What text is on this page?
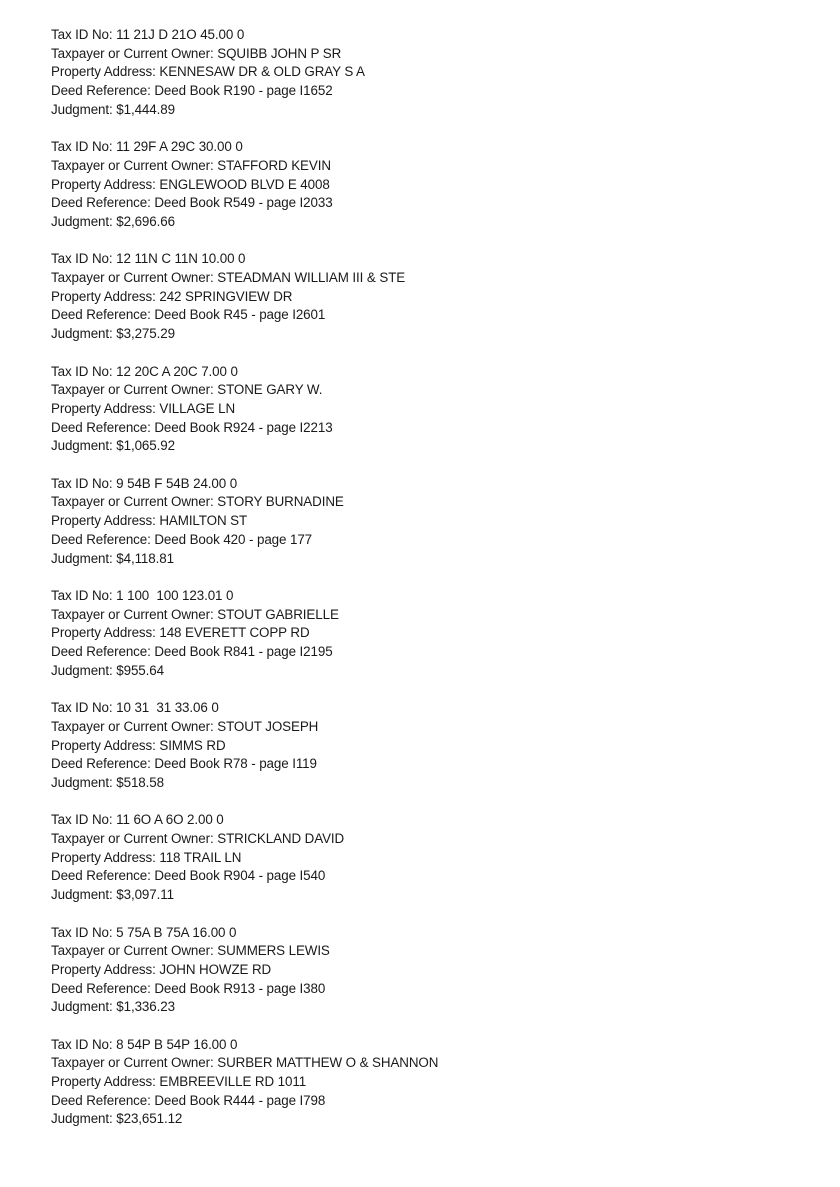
Tax ID No: 11 21J D 21O 45.00 0
Taxpayer or Current Owner: SQUIBB JOHN P SR
Property Address: KENNESAW DR & OLD GRAY S A
Deed Reference: Deed Book R190 - page I1652
Judgment: $1,444.89
Tax ID No: 11 29F A 29C 30.00 0
Taxpayer or Current Owner: STAFFORD KEVIN
Property Address: ENGLEWOOD BLVD E 4008
Deed Reference: Deed Book R549 - page I2033
Judgment: $2,696.66
Tax ID No: 12 11N C 11N 10.00 0
Taxpayer or Current Owner: STEADMAN WILLIAM III & STE
Property Address: 242 SPRINGVIEW DR
Deed Reference: Deed Book R45 - page I2601
Judgment: $3,275.29
Tax ID No: 12 20C A 20C 7.00 0
Taxpayer or Current Owner: STONE GARY W.
Property Address: VILLAGE LN
Deed Reference: Deed Book R924 - page I2213
Judgment: $1,065.92
Tax ID No: 9 54B F 54B 24.00 0
Taxpayer or Current Owner: STORY BURNADINE
Property Address: HAMILTON ST
Deed Reference: Deed Book 420 - page 177
Judgment: $4,118.81
Tax ID No: 1 100  100 123.01 0
Taxpayer or Current Owner: STOUT GABRIELLE
Property Address: 148 EVERETT COPP RD
Deed Reference: Deed Book R841 - page I2195
Judgment: $955.64
Tax ID No: 10 31  31 33.06 0
Taxpayer or Current Owner: STOUT JOSEPH
Property Address: SIMMS RD
Deed Reference: Deed Book R78 - page I119
Judgment: $518.58
Tax ID No: 11 6O A 6O 2.00 0
Taxpayer or Current Owner: STRICKLAND DAVID
Property Address: 118 TRAIL LN
Deed Reference: Deed Book R904 - page I540
Judgment: $3,097.11
Tax ID No: 5 75A B 75A 16.00 0
Taxpayer or Current Owner: SUMMERS LEWIS
Property Address: JOHN HOWZE RD
Deed Reference: Deed Book R913 - page I380
Judgment: $1,336.23
Tax ID No: 8 54P B 54P 16.00 0
Taxpayer or Current Owner: SURBER MATTHEW O & SHANNON
Property Address: EMBREEVILLE RD 1011
Deed Reference: Deed Book R444 - page I798
Judgment: $23,651.12
